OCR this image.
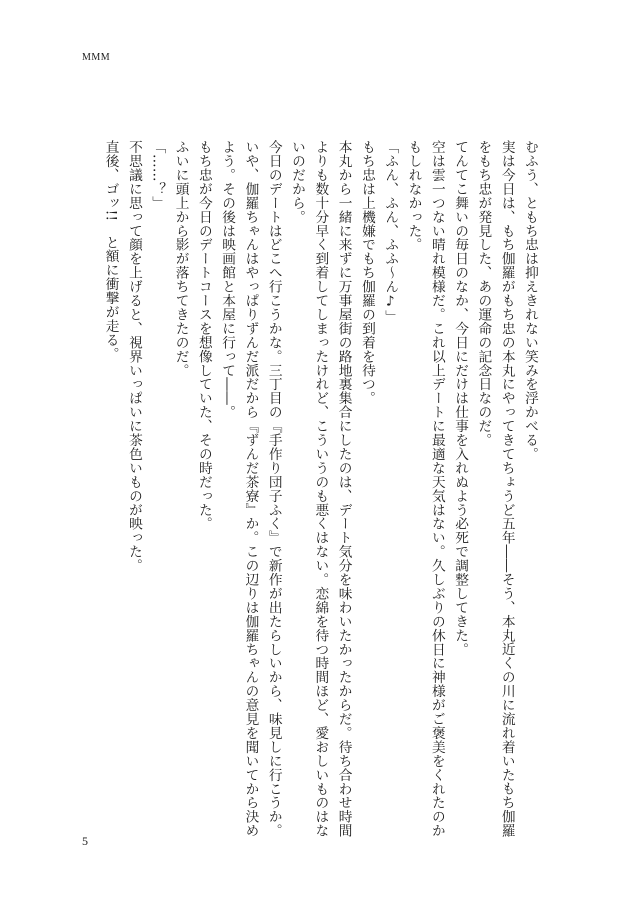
MMM

むふう、ともち忠は抑えきれない笑みを浮かべる。

実は今日は、もち伽羅がもち忠の本丸にやってきてちょうど五年――そう、本丸近くの川に流れ着いたもち伽羅をもち忠が発見した、あの運命の記念日なのだ。

てんてこ舞いの毎日のなか、今日にだけは仕事を入れぬよう必死で調整してきた。

空は雲一つない晴れ模様だ。これ以上デートに最適な天気はない。久しぶりの休日に神様がご褒美をくれたのかもしれなかった。

「ふん、ふん、ふふ～ん♪」

もち忠は上機嫌でもち伽羅の到着を待つ。

本丸から一緒に来ずに万事屋街の路地裏集合にしたのは、デート気分を味わいたかったからだ。待ち合わせ時間よりも数十分早く到着してしまったけれど、こういうのも悪くはない。恋綿を待つ時間ほど、愛おしいものはないのだから。

今日のデートはどこへ行こうかな。三丁目の『手作り団子ふく』で新作が出たらしいから、味見しに行こうか。いや、伽羅ちゃんはやっぱりずんだ派だから『ずんだ茶寮』か。この辺りは伽羅ちゃんの意見を聞いてから決めよう。その後は映画館と本屋に行って――。

もち忠が今日のデートコースを想像していた、その時だった。

ふいに頭上から影が落ちてきたのだ。

「……？」

不思議に思って顔を上げると、視界いっぱいに茶色いものが映った。

直後、ゴッ!!　と額に衝撃が走る。

5
